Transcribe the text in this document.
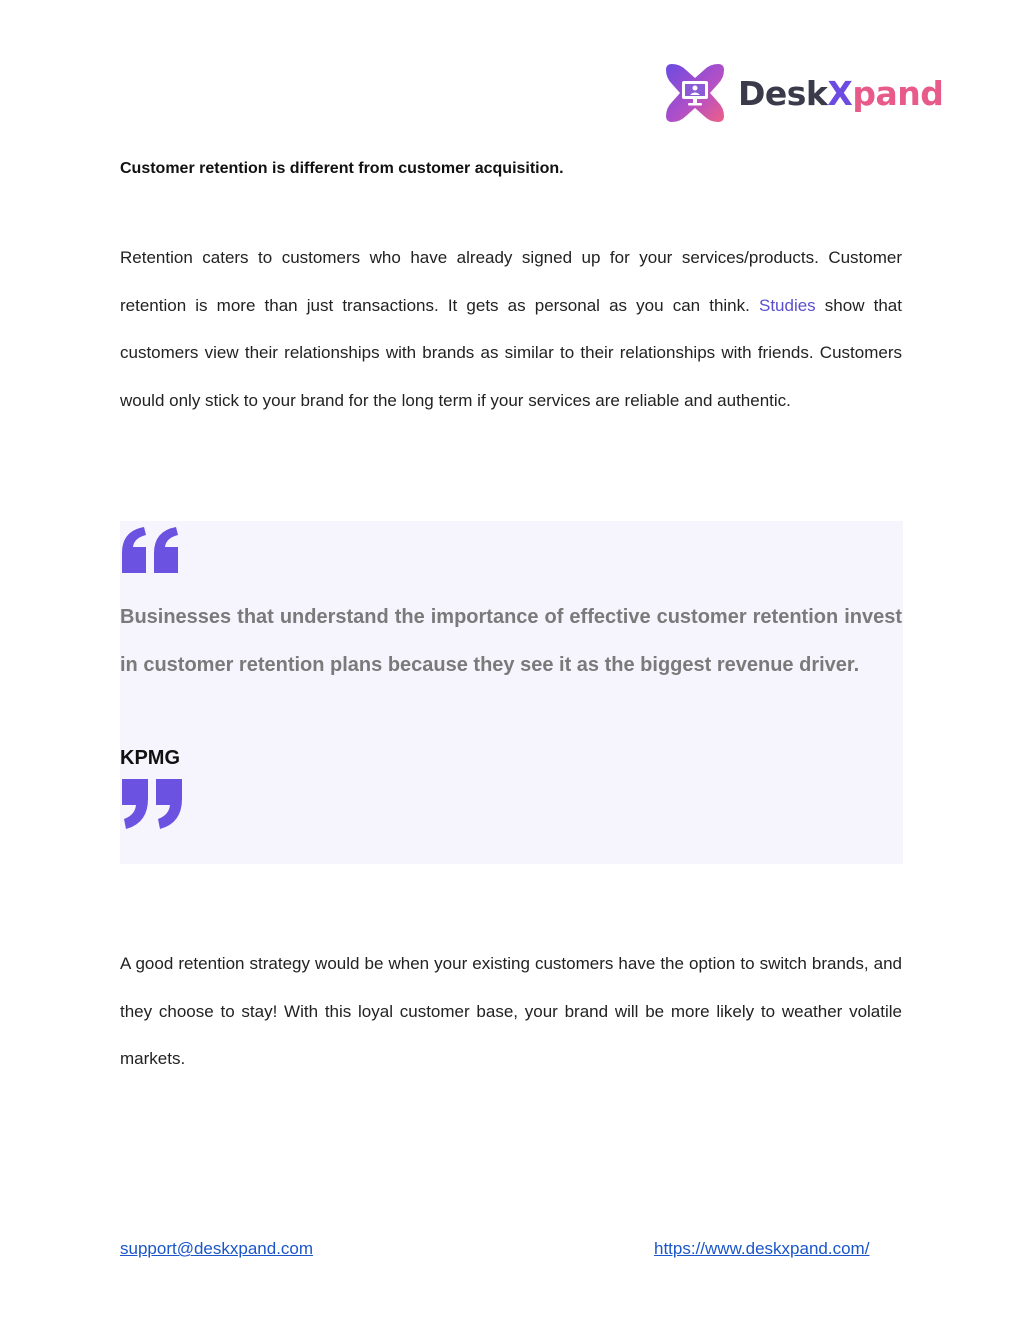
DeskXpand
Customer retention is different from customer acquisition.

Retention caters to customers who have already signed up for your services/products. Customer retention is more than just transactions. It gets as personal as you can think. Studies show that customers view their relationships with brands as similar to their relationships with friends. Customers would only stick to your brand for the long term if your services are reliable and authentic.

Businesses that understand the importance of effective customer retention invest in customer retention plans because they see it as the biggest revenue driver.

KPMG

A good retention strategy would be when your existing customers have the option to switch brands, and they choose to stay! With this loyal customer base, your brand will be more likely to weather volatile markets.

support@deskxpand.com	https://www.deskxpand.com/
